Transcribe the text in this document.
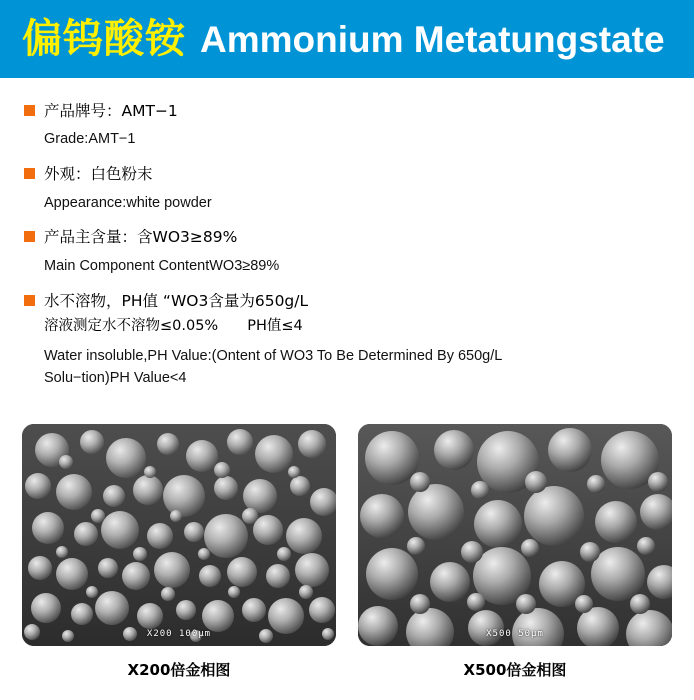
偏钨酸铵 Ammonium Metatungstate
产品牌号：AMT−1
Grade:AMT−1
外观：白色粉末
Appearance:white powder
产品主含量：含WO3≥89%
Main Component ContentWO3≥89%
水不溶物，PH值 “WO3含量为650g/L
溶液测定水不溶物≤0.05%　　PH值≤4
Water insoluble,PH Value:(Ontent of WO3 To Be Determined By 650g/L Solu−tion)PH Value<4
X200 100μm
X200倍金相图
X500 50μm
X500倍金相图
